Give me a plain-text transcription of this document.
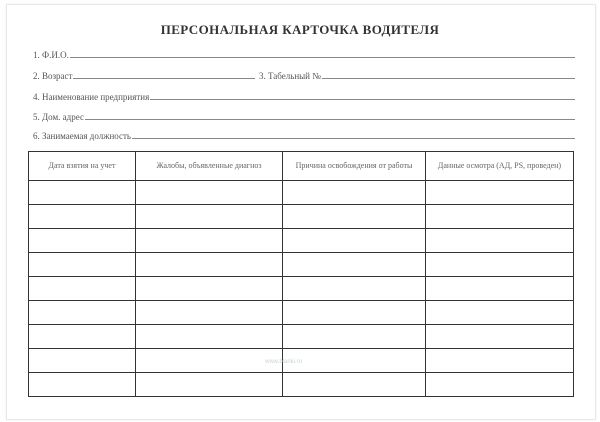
ПЕРСОНАЛЬНАЯ КАРТОЧКА ВОДИТЕЛЯ
1. Ф.И.О.
2. Возраст	3. Табельный №
4. Наименование предприятия
5. Дом. адрес
6. Занимаемая должность
Дата взятия на учет	Жалобы, объявленные диагноз	Причина освобождения от работы	Данные осмотра (АД, PS, проведен)

www.blanki.ru
